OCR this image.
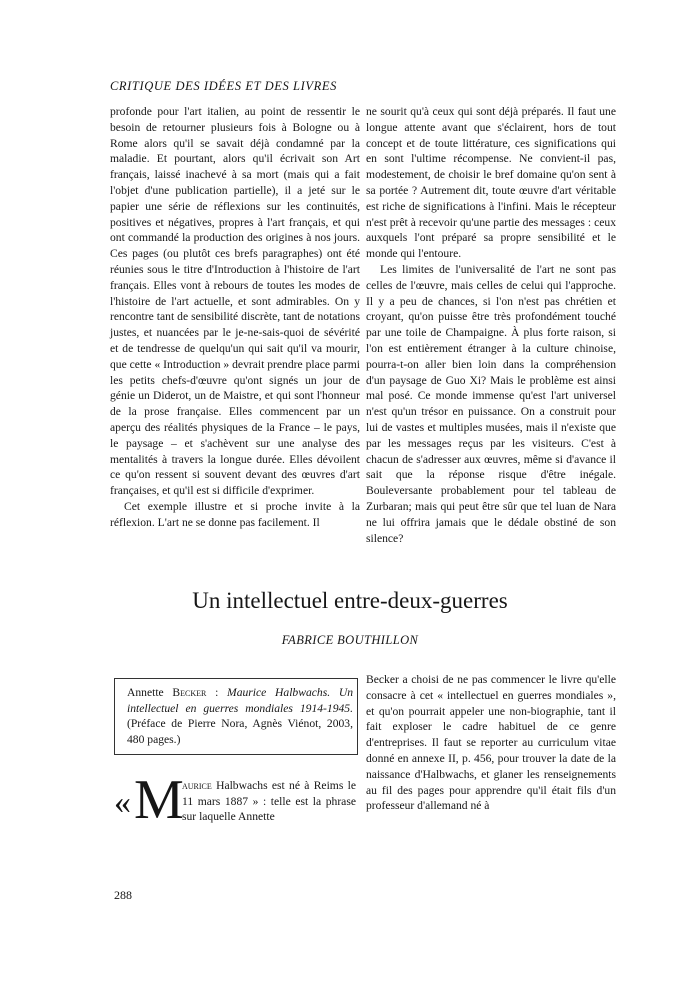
CRITIQUE DES IDÉES ET DES LIVRES

profonde pour l'art italien, au point de ressentir le besoin de retourner plusieurs fois à Bologne ou à Rome alors qu'il se savait déjà condamné par la maladie. Et pourtant, alors qu'il écrivait son Art français, laissé inachevé à sa mort (mais qui a fait l'objet d'une publication partielle), il a jeté sur le papier une série de réflexions sur les continuités, positives et négatives, propres à l'art français, et qui ont commandé la production des origines à nos jours. Ces pages (ou plutôt ces brefs paragraphes) ont été réunies sous le titre d'Introduction à l'histoire de l'art français. Elles vont à rebours de toutes les modes de l'histoire de l'art actuelle, et sont admirables. On y rencontre tant de sensibilité discrète, tant de notations justes, et nuancées par le je-ne-sais-quoi de sévérité et de tendresse de quelqu'un qui sait qu'il va mourir, que cette « Introduction » devrait prendre place parmi les petits chefs-d'œuvre qu'ont signés un jour de génie un Diderot, un de Maistre, et qui sont l'honneur de la prose française. Elles commencent par un aperçu des réalités physiques de la France – le pays, le paysage – et s'achèvent sur une analyse des mentalités à travers la longue durée. Elles dévoilent ce qu'on ressent si souvent devant des œuvres d'art françaises, et qu'il est si difficile d'exprimer.

Cet exemple illustre et si proche invite à la réflexion. L'art ne se donne pas facilement. Il

ne sourit qu'à ceux qui sont déjà préparés. Il faut une longue attente avant que s'éclairent, hors de tout concept et de toute littérature, ces significations qui en sont l'ultime récompense. Ne convient-il pas, modestement, de choisir le bref domaine qu'on sent à sa portée ? Autrement dit, toute œuvre d'art véritable est riche de significations à l'infini. Mais le récepteur n'est prêt à recevoir qu'une partie des messages : ceux auxquels l'ont préparé sa propre sensibilité et le monde qui l'entoure.

Les limites de l'universalité de l'art ne sont pas celles de l'œuvre, mais celles de celui qui l'approche. Il y a peu de chances, si l'on n'est pas chrétien et croyant, qu'on puisse être très profondément touché par une toile de Champaigne. À plus forte raison, si l'on est entièrement étranger à la culture chinoise, pourra-t-on aller bien loin dans la compréhension d'un paysage de Guo Xi? Mais le problème est ainsi mal posé. Ce monde immense qu'est l'art universel n'est qu'un trésor en puissance. On a construit pour lui de vastes et multiples musées, mais il n'existe que par les messages reçus par les visiteurs. C'est à chacun de s'adresser aux œuvres, même si d'avance il sait que la réponse risque d'être inégale. Bouleversante probablement pour tel tableau de Zurbaran; mais qui peut être sûr que tel luan de Nara ne lui offrira jamais que le dédale obstiné de son silence?

Un intellectuel entre-deux-guerres

FABRICE BOUTHILLON

Annette Becker : Maurice Halbwachs. Un intellectuel en guerres mondiales 1914-1945. (Préface de Pierre Nora, Agnès Viénot, 2003, 480 pages.)
« M
aurice Halbwachs est né à Reims le 11 mars 1887 » : telle est la phrase sur laquelle Annette

Becker a choisi de ne pas commencer le livre qu'elle consacre à cet « intellectuel en guerres mondiales », et qu'on pourrait appeler une non-biographie, tant il fait exploser le cadre habituel de ce genre d'entreprises. Il faut se reporter au curriculum vitae donné en annexe II, p. 456, pour trouver la date de la naissance d'Halbwachs, et glaner les renseignements au fil des pages pour apprendre qu'il était fils d'un professeur d'allemand né à

288
